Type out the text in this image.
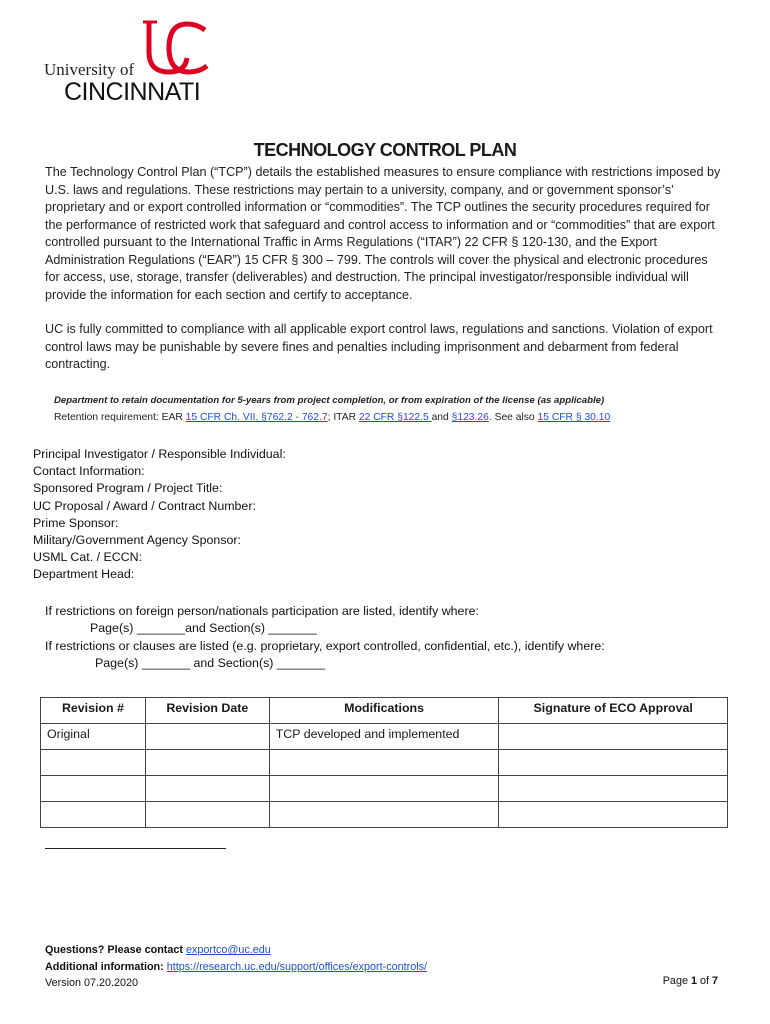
University of
CINCINNATI
TECHNOLOGY CONTROL PLAN
The Technology Control Plan (“TCP”) details the established measures to ensure compliance with restrictions imposed by U.S. laws and regulations. These restrictions may pertain to a university, company, and or government sponsor’s’ proprietary and or export controlled information or “commodities”. The TCP outlines the security procedures required for the performance of restricted work that safeguard and control access to information and or “commodities” that are export controlled pursuant to the International Traffic in Arms Regulations (“ITAR”) 22 CFR § 120-130, and the Export Administration Regulations (“EAR”) 15 CFR § 300 – 799. The controls will cover the physical and electronic procedures for access, use, storage, transfer (deliverables) and destruction. The principal investigator/responsible individual will provide the information for each section and certify to acceptance.
UC is fully committed to compliance with all applicable export control laws, regulations and sanctions. Violation of export control laws may be punishable by severe fines and penalties including imprisonment and debarment from federal contracting.
Department to retain documentation for 5-years from project completion, or from expiration of the license (as applicable)
Retention requirement: EAR 15 CFR Ch. VII, §762.2 - 762.7; ITAR 22 CFR §122.5 and §123.26. See also 15 CFR § 30.10
Principal Investigator / Responsible Individual:
Contact Information:
Sponsored Program / Project Title:
UC Proposal / Award / Contract Number:
Prime Sponsor:
Military/Government Agency Sponsor:
USML Cat. / ECCN:
Department Head:
If restrictions on foreign person/nationals participation are listed, identify where:
Page(s) _______and Section(s) _______
If restrictions or clauses are listed (e.g. proprietary, export controlled, confidential, etc.), identify where:
Page(s) _______ and Section(s) _______
Revision #	Revision Date	Modifications	Signature of ECO Approval
Original		TCP developed and implemented	

Questions? Please contact exportco@uc.edu
Additional information: https://research.uc.edu/support/offices/export-controls/
Version 07.20.2020	Page 1 of 7
